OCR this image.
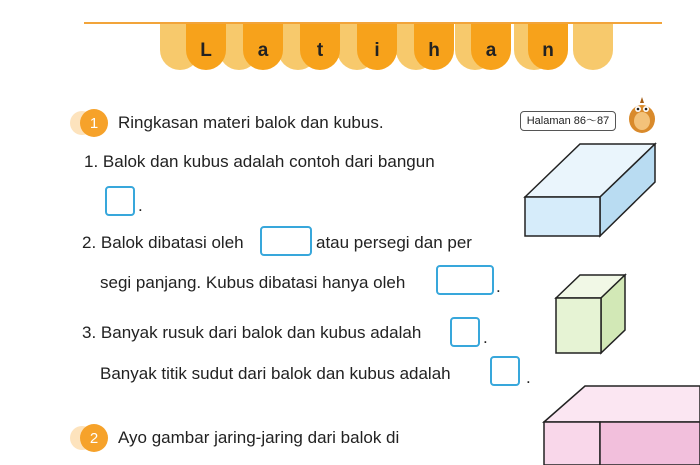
L	a	t	i	h	a	n
1	Ringkasan materi balok dan kubus.	Halaman 86〜87
1. Balok dan kubus adalah contoh dari bangun
.
2. Balok dibatasi oleh	atau persegi dan per
segi panjang. Kubus dibatasi hanya oleh	.
3. Banyak rusuk dari balok dan kubus adalah	.
Banyak titik sudut dari balok dan kubus adalah	.
2	Ayo gambar jaring-jaring dari balok di
